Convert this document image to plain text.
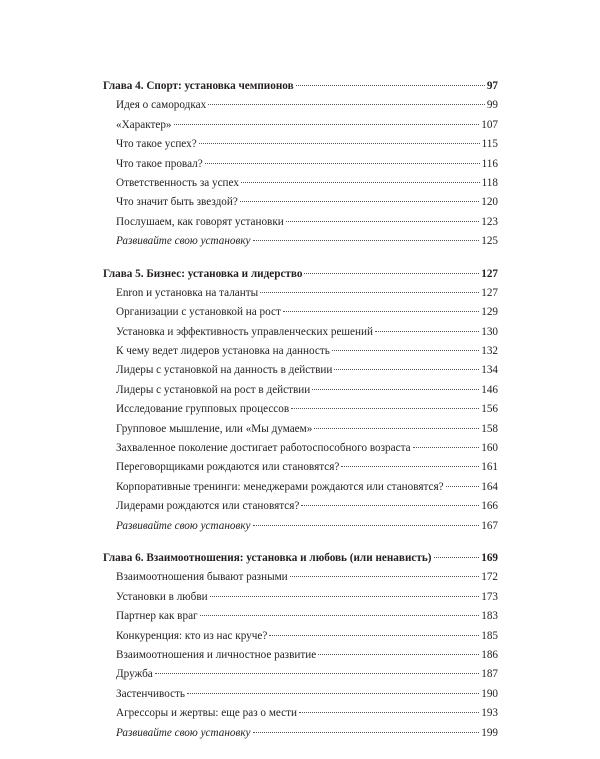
Глава 4. Спорт: установка чемпионов	97
Идея о самородках	99
«Характер»	107
Что такое успех?	115
Что такое провал?	116
Ответственность за успех	118
Что значит быть звездой?	120
Послушаем, как говорят установки	123
Развивайте свою установку	125
Глава 5. Бизнес: установка и лидерство	127
Enron и установка на таланты	127
Организации с установкой на рост	129
Установка и эффективность управленческих решений	130
К чему ведет лидеров установка на данность	132
Лидеры с установкой на данность в действии	134
Лидеры с установкой на рост в действии	146
Исследование групповых процессов	156
Групповое мышление, или «Мы думаем»	158
Захваленное поколение достигает работоспособного возраста	160
Переговорщиками рождаются или становятся?	161
Корпоративные тренинги: менеджерами рождаются или становятся?	164
Лидерами рождаются или становятся?	166
Развивайте свою установку	167
Глава 6. Взаимоотношения: установка и любовь (или ненависть)	169
Взаимоотношения бывают разными	172
Установки в любви	173
Партнер как враг	183
Конкуренция: кто из нас круче?	185
Взаимоотношения и личностное развитие	186
Дружба	187
Застенчивость	190
Агрессоры и жертвы: еще раз о мести	193
Развивайте свою установку	199
